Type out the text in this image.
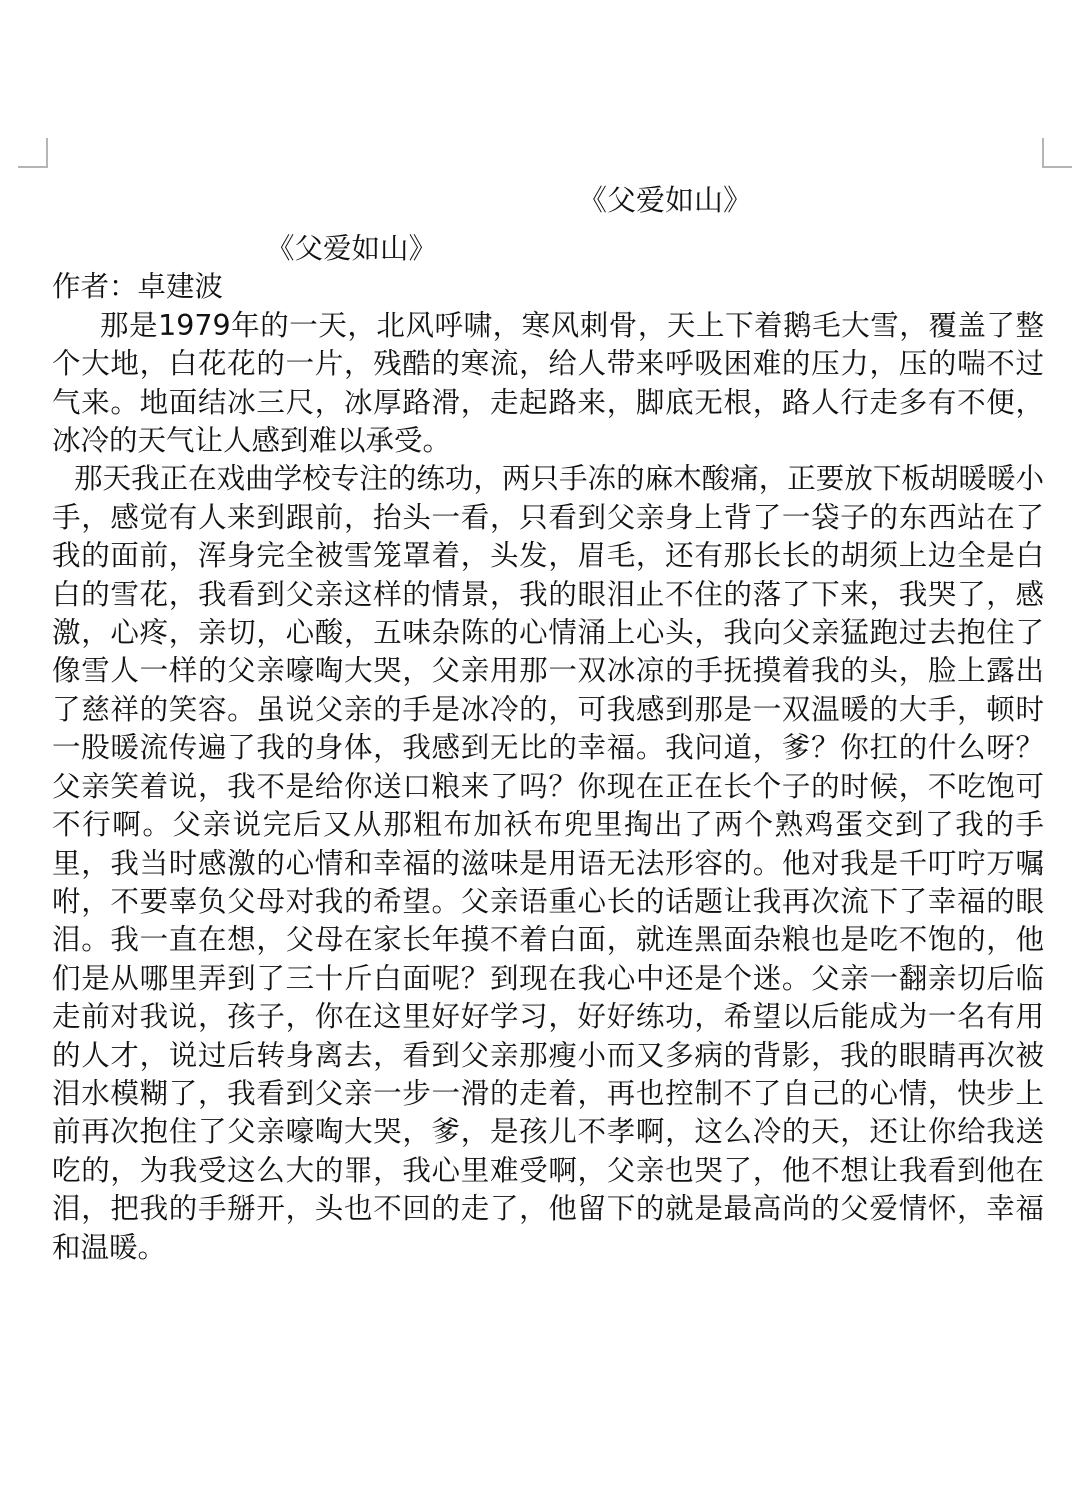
《父爱如山》

《父爱如山》

作者：卓建波

那是1979年的一天，北风呼啸，寒风刺骨，天上下着鹅毛大雪，覆盖了整个大地，白花花的一片，残酷的寒流，给人带来呼吸困难的压力，压的喘不过气来。地面结冰三尺，冰厚路滑，走起路来，脚底无根，路人行走多有不便，冰冷的天气让人感到难以承受。

那天我正在戏曲学校专注的练功，两只手冻的麻木酸痛，正要放下板胡暖暖小手，感觉有人来到跟前，抬头一看，只看到父亲身上背了一袋子的东西站在了我的面前，浑身完全被雪笼罩着，头发，眉毛，还有那长长的胡须上边全是白白的雪花，我看到父亲这样的情景，我的眼泪止不住的落了下来，我哭了，感激，心疼，亲切，心酸，五味杂陈的心情涌上心头，我向父亲猛跑过去抱住了像雪人一样的父亲嚎啕大哭，父亲用那一双冰凉的手抚摸着我的头，脸上露出了慈祥的笑容。虽说父亲的手是冰冷的，可我感到那是一双温暖的大手，顿时一股暖流传遍了我的身体，我感到无比的幸福。我问道，爹？你扛的什么呀？父亲笑着说，我不是给你送口粮来了吗？你现在正在长个子的时候，不吃饱可不行啊。父亲说完后又从那粗布加袄布兜里掏出了两个熟鸡蛋交到了我的手里，我当时感激的心情和幸福的滋味是用语无法形容的。他对我是千叮咛万嘱咐，不要辜负父母对我的希望。父亲语重心长的话题让我再次流下了幸福的眼泪。我一直在想，父母在家长年摸不着白面，就连黑面杂粮也是吃不饱的，他们是从哪里弄到了三十斤白面呢？到现在我心中还是个迷。父亲一翻亲切后临走前对我说，孩子，你在这里好好学习，好好练功，希望以后能成为一名有用的人才，说过后转身离去，看到父亲那瘦小而又多病的背影，我的眼睛再次被泪水模糊了，我看到父亲一步一滑的走着，再也控制不了自己的心情，快步上前再次抱住了父亲嚎啕大哭，爹，是孩儿不孝啊，这么冷的天，还让你给我送吃的，为我受这么大的罪，我心里难受啊，父亲也哭了，他不想让我看到他在泪，把我的手掰开，头也不回的走了，他留下的就是最高尚的父爱情怀，幸福和温暖。
